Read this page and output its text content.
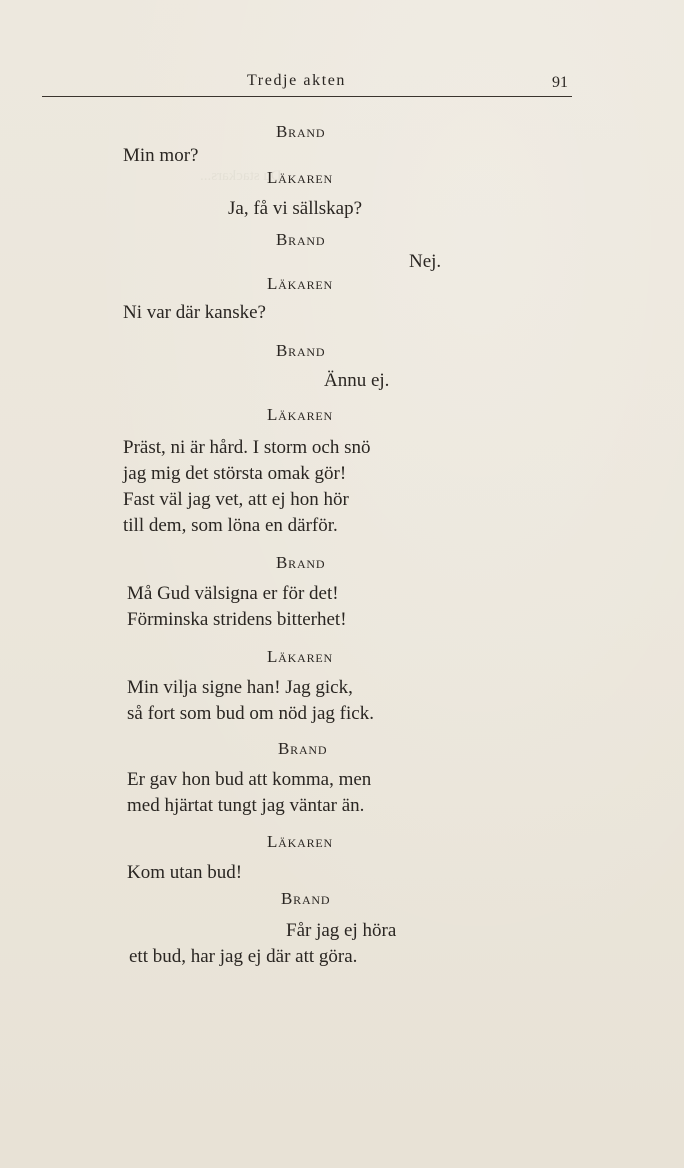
Du stackars...
Tredje akten	91
Brand
Min mor?
Läkaren
Ja, få vi sällskap?
Brand
Nej.
Läkaren
Ni var där kanske?
Brand
Ännu ej.
Läkaren
Präst, ni är hård. I storm och snö
jag mig det största omak gör!
Fast väl jag vet, att ej hon hör
till dem, som löna en därför.
Brand
Må Gud välsigna er för det!
Förminska stridens bitterhet!
Läkaren
Min vilja signe han! Jag gick,
så fort som bud om nöd jag fick.
Brand
Er gav hon bud att komma, men
med hjärtat tungt jag väntar än.
Läkaren
Kom utan bud!
Brand
Får jag ej höra
ett bud, har jag ej där att göra.
